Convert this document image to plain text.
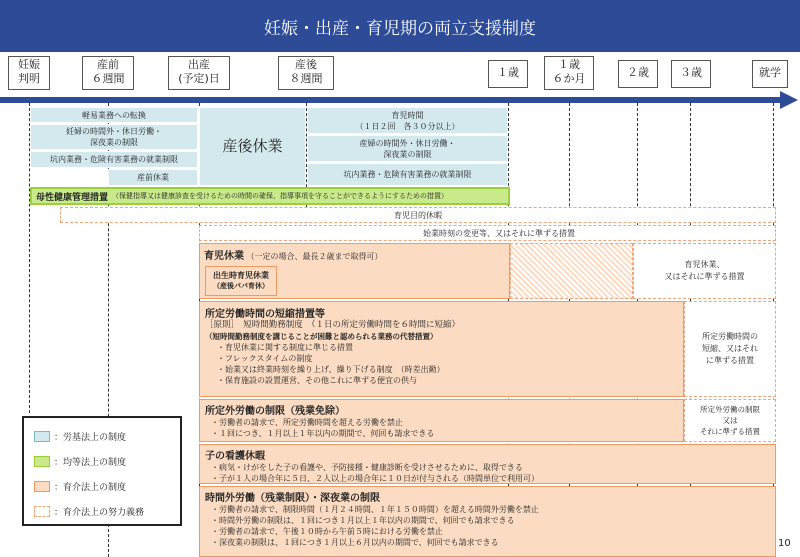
妊娠・出産・育児期の両立支援制度
妊娠
判明
産前
６週間
出産
(予定)日
産後
８週間	１歳
１歳
６か月	２歳	３歳	就学
軽易業務への転換
妊婦の時間外・休日労働・
深夜業の制限
坑内業務・危険有害業務の就業制限
産前休業
産後休業
育児時間
（１日２回　各３０分以上）
産婦の時間外・休日労働・
深夜業の制限
坑内業務・危険有害業務の就業制限
母性健康管理措置 （保健指導又は健康診査を受けるための時間の確保、指導事項を守ることができるようにするための措置）
育児目的休暇
始業時刻の変更等、又はそれに準ずる措置
育児休業 （一定の場合、最長２歳まで取得可）
育児休業、
又はそれに準ずる措置
出生時育児休業
（産後パパ育休）
所定労働時間の短縮措置等
［原則］　短時間勤務制度　（１日の所定労働時間を６時間に短縮）
（短時間勤務制度を講じることが困難と認められる業務の代替措置）
・育児休業に関する制度に準じる措置
・フレックスタイムの制度
・始業又は終業時刻を繰り上げ、繰り下げる制度　（時差出勤）
・保育施設の設置運営、その他これに準ずる便宜の供与
所定労働時間の
短縮、又はそれ
に準ずる措置
所定外労働の制限（残業免除）
・労働者の請求で、所定労働時間を超える労働を禁止
・１回につき、１月以上１年以内の期間で、何回も請求できる
所定外労働の制限
又は
それに準ずる措置
子の看護休暇
・病気・けがをした子の看護や、予防接種・健康診断を受けさせるために、取得できる
・子が１人の場合年に５日、２人以上の場合年に１０日が付与される（時間単位で利用可）
時間外労働（残業制限）・深夜業の制限
・労働者の請求で、制限時間（１月２４時間、１年１５０時間）を超える時間外労働を禁止
・時間外労働の制限は、１回につき１月以上１年以内の期間で、何回でも請求できる
・労働者の請求で、午後１０時から午前５時における労働を禁止
・深夜業の制限は、１回につき１月以上６月以内の期間で、何回でも請求できる
：労基法上の制度
：均等法上の制度
：育介法上の制度
：育介法上の努力義務
10
